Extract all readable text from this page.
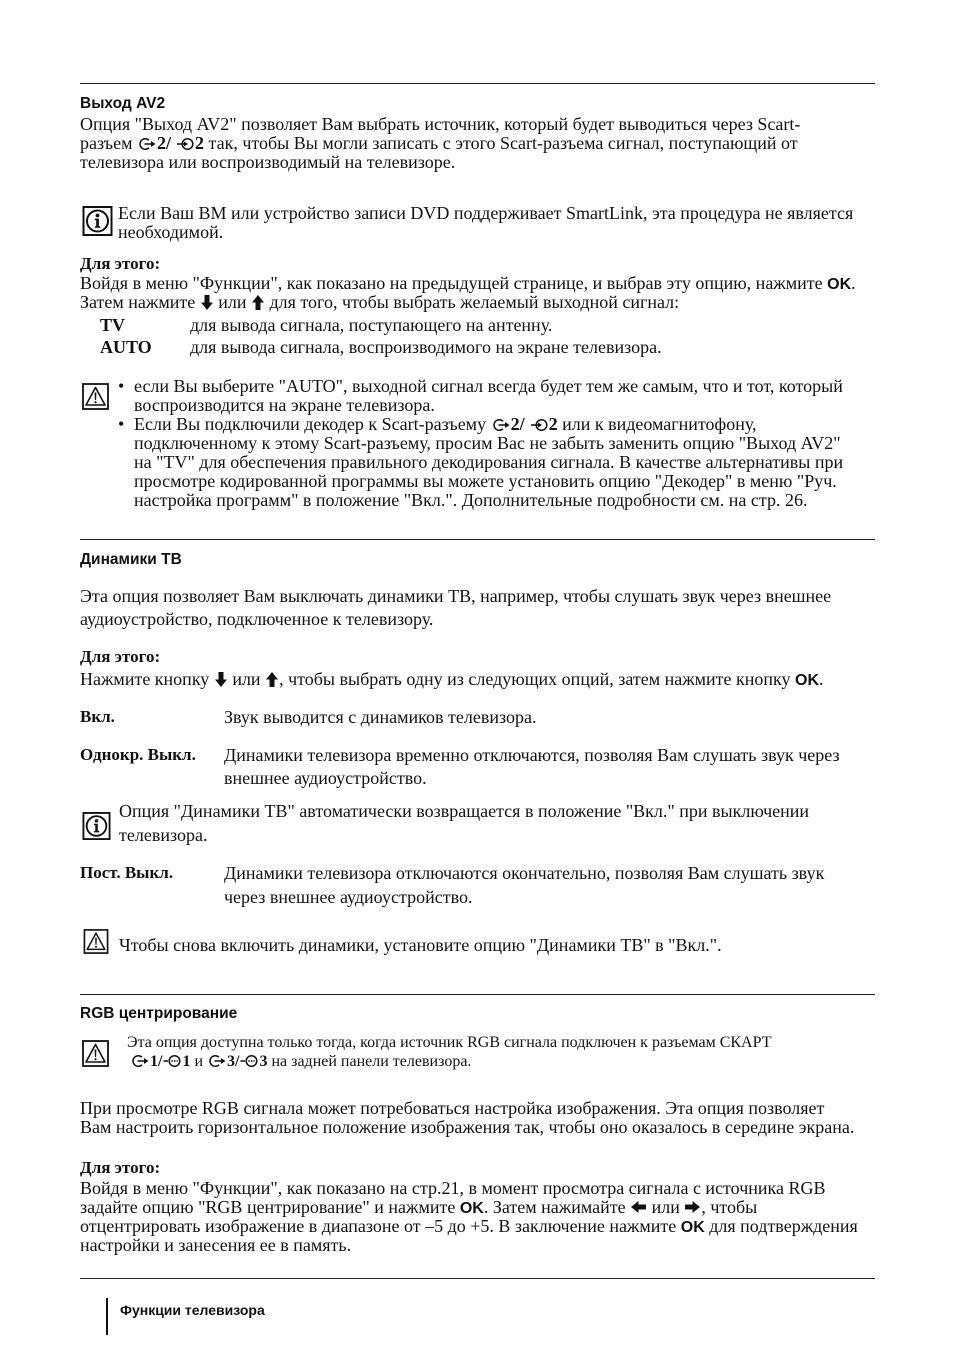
Выход AV2
Опция "Выход AV2" позволяет Вам выбрать источник, который будет выводиться через Scart-
разъем 2/ 2 так, чтобы Вы могли записать с этого Scart-разъема сигнал, поступающий от
телевизора или воспроизводимый на телевизоре.
Если Ваш ВМ или устройство записи DVD поддерживает SmartLink, эта процедура не является
необходимой.
Для этого:
Войдя в меню "Функции", как показано на предыдущей странице, и выбрав эту опцию, нажмите OK.
Затем нажмите  или  для того, чтобы выбрать желаемый выходной сигнал:
TV	для вывода сигнала, поступающего на антенну.
AUTO для вывода сигнала, воспроизводимого на экране телевизора.
• если Вы выберите "AUTO", выходной сигнал всегда будет тем же самым, что и тот, который
воспроизводится на экране телевизора.
• Если Вы подключили декодер к Scart-разъему 2/ 2 или к видеомагнитофону,
подключенному к этому Scart-разъему, просим Вас не забыть заменить опцию "Выход AV2"
на "TV" для обеспечения правильного декодирования сигнала. В качестве альтернативы при
просмотре кодированной программы вы можете установить опцию "Декодер" в меню "Руч.
настройка программ" в положение "Вкл.". Дополнительные подробности см. на стр. 26.
Динамики ТВ
Эта опция позволяет Вам выключать динамики ТВ, например, чтобы слушать звук через внешнее
аудиоустройство, подключенное к телевизору.
Для этого:
Нажмите кнопку  или , чтобы выбрать одну из следующих опций, затем нажмите кнопку OK.
Вкл.	Звук выводится с динамиков телевизора.
Однокр. Выкл. Динамики телевизора временно отключаются, позволяя Вам слушать звук через
внешнее аудиоустройство.
Опция "Динамики ТВ" автоматически возвращается в положение "Вкл." при выключении
телевизора.
Пост. Выкл.	Динамики телевизора отключаются окончательно, позволяя Вам слушать звук
через внешнее аудиоустройство.
Чтобы снова включить динамики, установите опцию "Динамики ТВ" в "Вкл.".
RGB центрирование
Эта опция доступна только тогда, когда источник RGB сигнала подключен к разъемам СКАРТ
1/ 1 и 3/ 3 на задней панели телевизора.
При просмотре RGB сигнала может потребоваться настройка изображения. Эта опция позволяет
Вам настроить горизонтальное положение изображения так, чтобы оно оказалось в середине экрана.
Для этого:
Войдя в меню "Функции", как показано на стр.21, в момент просмотра сигнала с источника RGB
задайте опцию "RGB центрирование" и нажмите OK. Затем нажимайте  или , чтобы
отцентрировать изображение в диапазоне от –5 до +5. В заключение нажмите OK для подтверждения
настройки и занесения ее в память.
Функции телевизора
